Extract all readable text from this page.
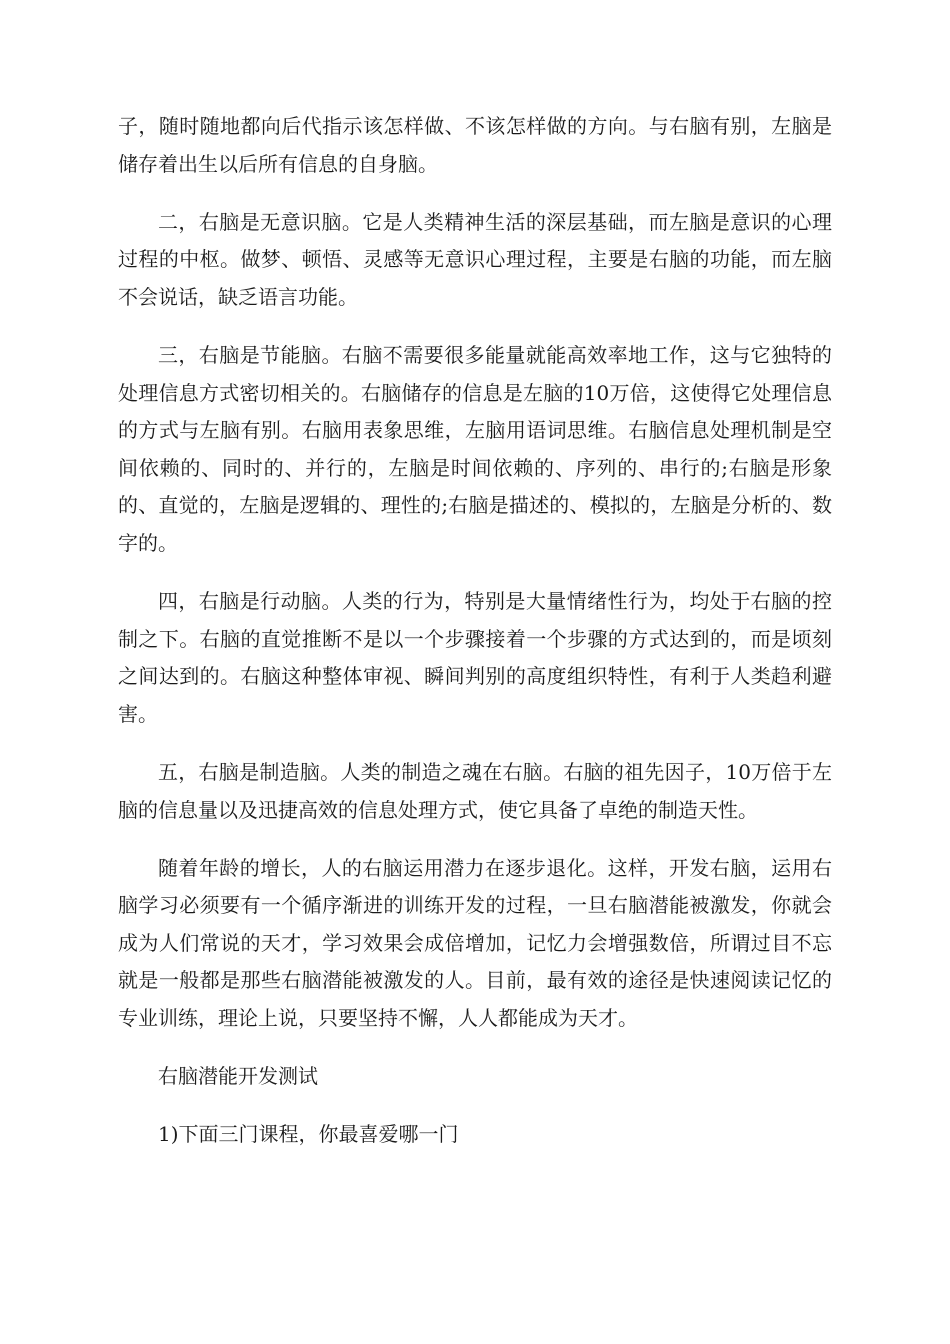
子，随时随地都向后代指示该怎样做、不该怎样做的方向。与右脑有别，左脑是储存着出生以后所有信息的自身脑。

二，右脑是无意识脑。它是人类精神生活的深层基础，而左脑是意识的心理过程的中枢。做梦、顿悟、灵感等无意识心理过程，主要是右脑的功能，而左脑不会说话，缺乏语言功能。

三，右脑是节能脑。右脑不需要很多能量就能高效率地工作，这与它独特的处理信息方式密切相关的。右脑储存的信息是左脑的10万倍，这使得它处理信息的方式与左脑有别。右脑用表象思维，左脑用语词思维。右脑信息处理机制是空间依赖的、同时的、并行的，左脑是时间依赖的、序列的、串行的;右脑是形象的、直觉的，左脑是逻辑的、理性的;右脑是描述的、模拟的，左脑是分析的、数字的。

四，右脑是行动脑。人类的行为，特别是大量情绪性行为，均处于右脑的控制之下。右脑的直觉推断不是以一个步骤接着一个步骤的方式达到的，而是顷刻之间达到的。右脑这种整体审视、瞬间判别的高度组织特性，有利于人类趋利避害。

五，右脑是制造脑。人类的制造之魂在右脑。右脑的祖先因子，10万倍于左脑的信息量以及迅捷高效的信息处理方式，使它具备了卓绝的制造天性。

随着年龄的增长，人的右脑运用潜力在逐步退化。这样，开发右脑，运用右脑学习必须要有一个循序渐进的训练开发的过程，一旦右脑潜能被激发，你就会成为人们常说的天才，学习效果会成倍增加，记忆力会增强数倍，所谓过目不忘就是一般都是那些右脑潜能被激发的人。目前，最有效的途径是快速阅读记忆的专业训练，理论上说，只要坚持不懈，人人都能成为天才。

右脑潜能开发测试

1)下面三门课程，你最喜爱哪一门
